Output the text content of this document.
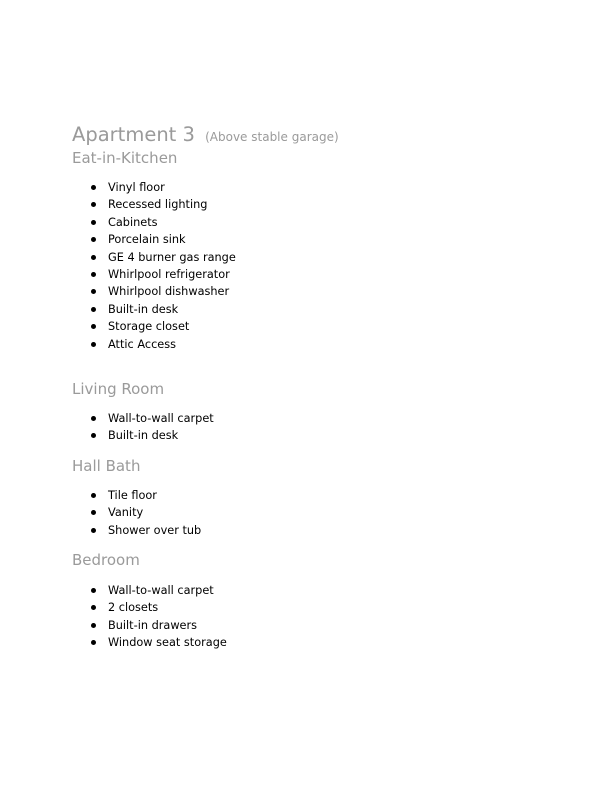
Apartment 3 (Above stable garage)
Eat-in-Kitchen
Vinyl floor
Recessed lighting
Cabinets
Porcelain sink
GE 4 burner gas range
Whirlpool refrigerator
Whirlpool dishwasher
Built-in desk
Storage closet
Attic Access
Living Room
Wall-to-wall carpet
Built-in desk
Hall Bath
Tile floor
Vanity
Shower over tub
Bedroom
Wall-to-wall carpet
2 closets
Built-in drawers
Window seat storage
